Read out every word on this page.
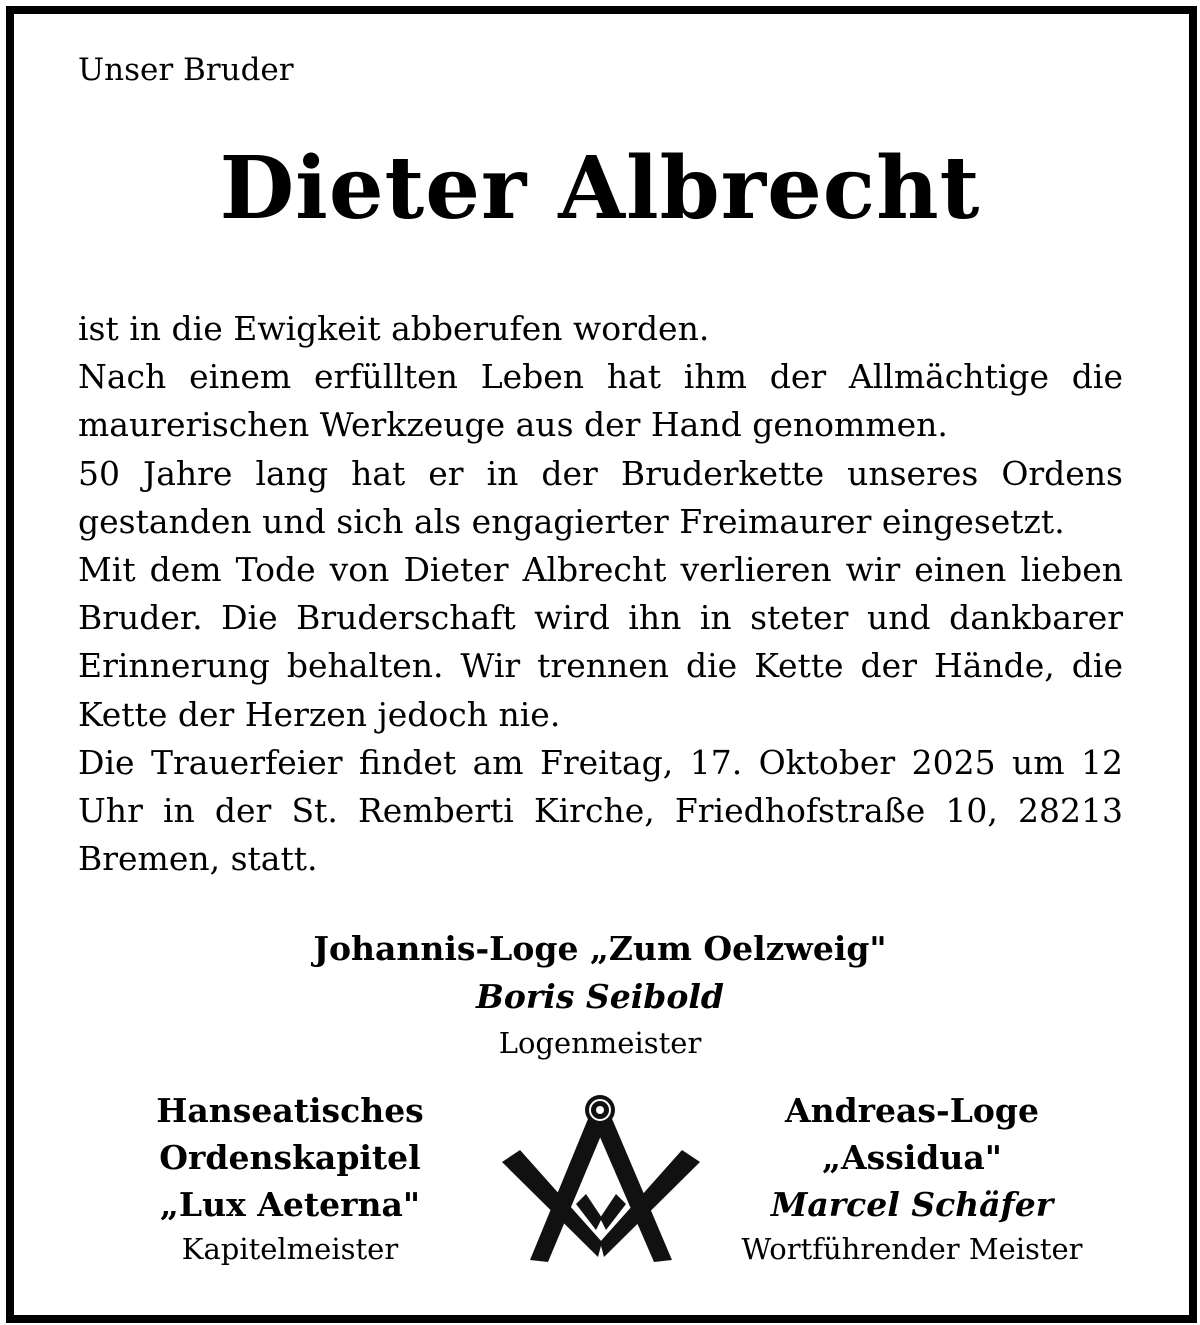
Unser Bruder
Dieter Albrecht

ist in die Ewigkeit abberufen worden.

Nach einem erfüllten Leben hat ihm der Allmächtige die maurerischen Werkzeuge aus der Hand genommen.

50 Jahre lang hat er in der Bruderkette unseres Ordens gestanden und sich als engagierter Freimaurer eingesetzt.

Mit dem Tode von Dieter Albrecht verlieren wir einen lieben Bruder. Die Bruderschaft wird ihn in steter und dankbarer Erinnerung behalten. Wir trennen die Kette der Hände, die Kette der Herzen jedoch nie.

Die Trauerfeier findet am Freitag, 17. Oktober 2025 um 12 Uhr in der St. Remberti Kirche, Friedhofstraße 10, 28213 Bremen, statt.

Johannis-Loge „Zum Oelzweig"
Boris Seibold
Logenmeister
Hanseatisches
Ordenskapitel
„Lux Aeterna"
Kapitelmeister
Andreas-Loge
„Assidua"
Marcel Schäfer
Wortführender Meister
